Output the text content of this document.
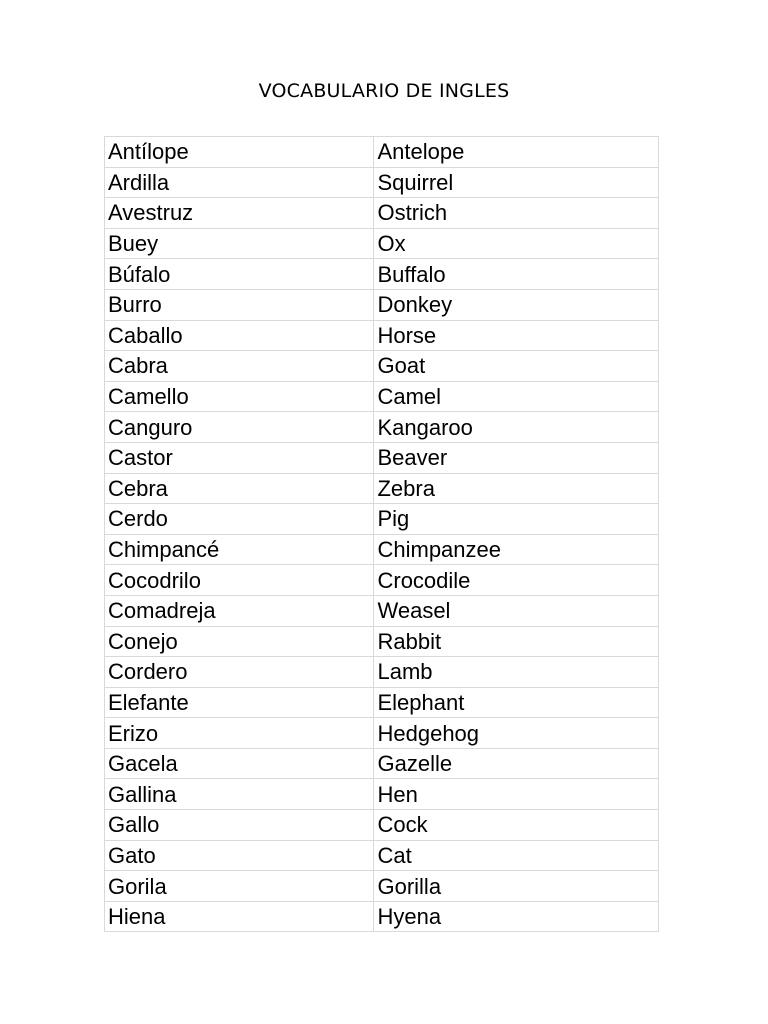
VOCABULARIO DE INGLES
Antílope	Antelope
Ardilla	Squirrel
Avestruz	Ostrich
Buey	Ox
Búfalo	Buffalo
Burro	Donkey
Caballo	Horse
Cabra	Goat
Camello	Camel
Canguro	Kangaroo
Castor	Beaver
Cebra	Zebra
Cerdo	Pig
Chimpancé	Chimpanzee
Cocodrilo	Crocodile
Comadreja	Weasel
Conejo	Rabbit
Cordero	Lamb
Elefante	Elephant
Erizo	Hedgehog
Gacela	Gazelle
Gallina	Hen
Gallo	Cock
Gato	Cat
Gorila	Gorilla
Hiena	Hyena
